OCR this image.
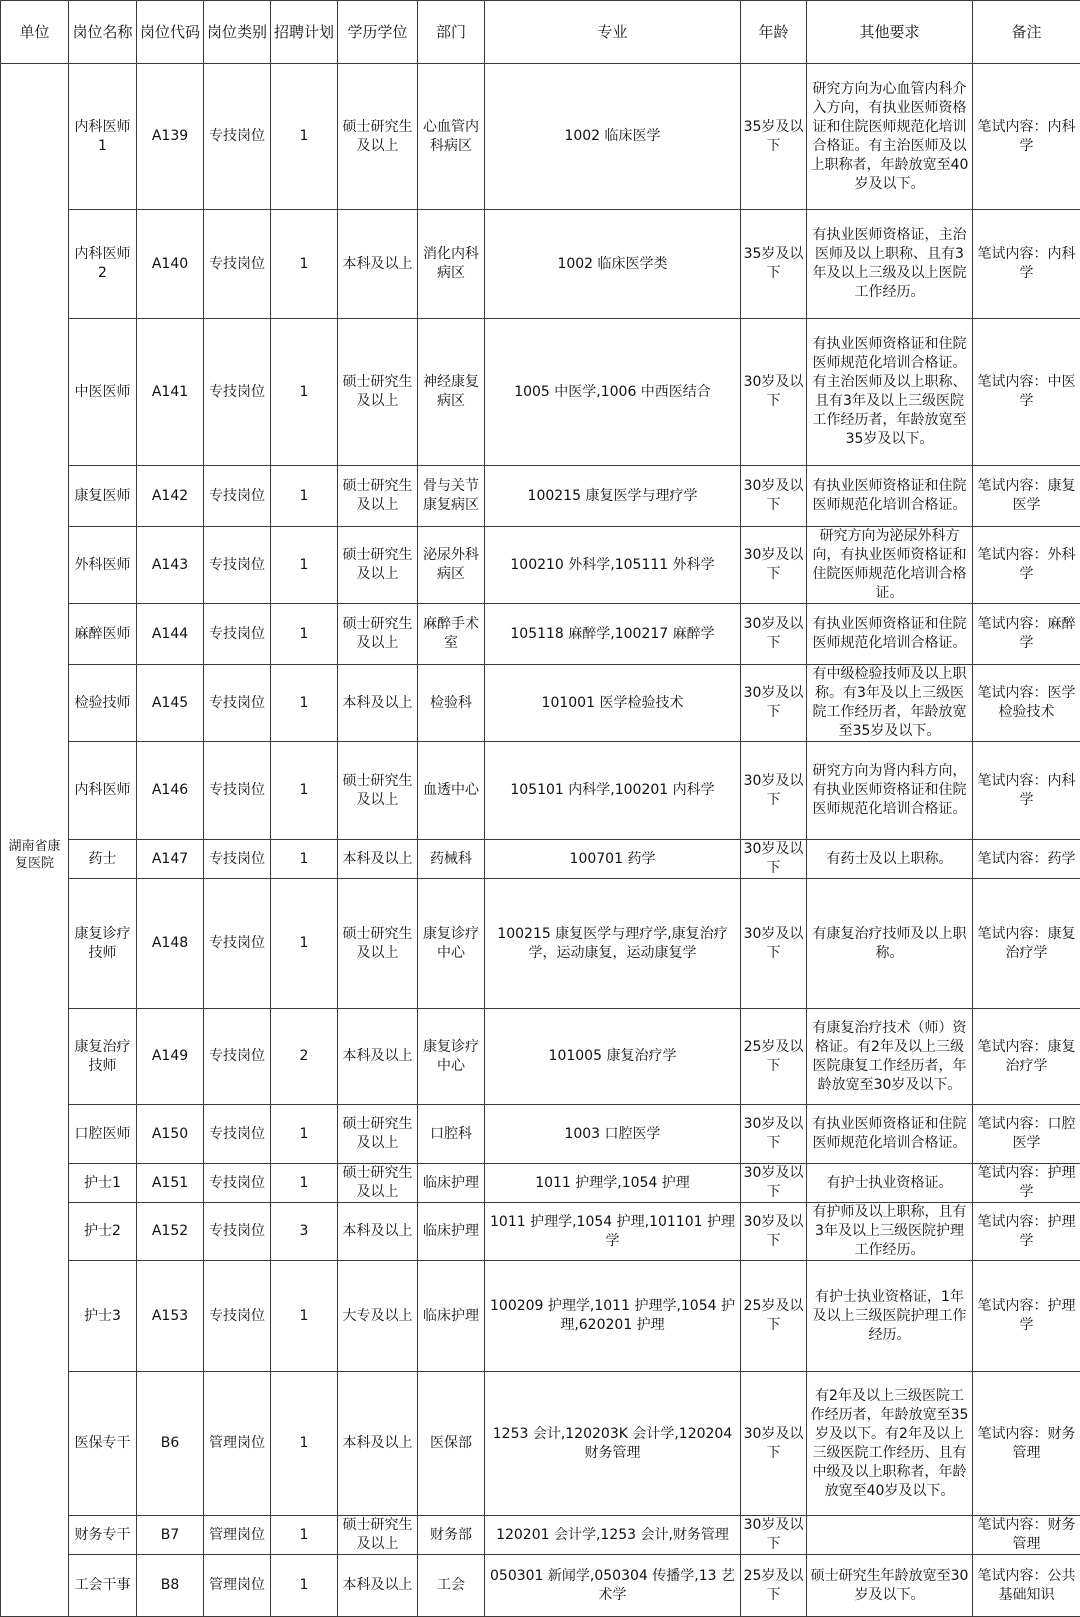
单位	岗位名称	岗位代码	岗位类别	招聘计划	学历学位	部门	专业	年龄	其他要求	备注
湖南省康复医院	内科医师1	A139	专技岗位	1	硕士研究生及以上	心血管内科病区	1002 临床医学	35岁及以下	研究方向为心血管内科介入方向，有执业医师资格证和住院医师规范化培训合格证。有主治医师及以上职称者，年龄放宽至40岁及以下。	笔试内容：内科学
	内科医师2	A140	专技岗位	1	本科及以上	消化内科病区	1002 临床医学类	35岁及以下	有执业医师资格证，主治医师及以上职称、且有3年及以上三级及以上医院工作经历。	笔试内容：内科学
	中医医师	A141	专技岗位	1	硕士研究生及以上	神经康复病区	1005 中医学,1006 中西医结合	30岁及以下	有执业医师资格证和住院医师规范化培训合格证。有主治医师及以上职称、且有3年及以上三级医院工作经历者，年龄放宽至35岁及以下。	笔试内容：中医学
	康复医师	A142	专技岗位	1	硕士研究生及以上	骨与关节康复病区	100215 康复医学与理疗学	30岁及以下	有执业医师资格证和住院医师规范化培训合格证。	笔试内容：康复医学
	外科医师	A143	专技岗位	1	硕士研究生及以上	泌尿外科病区	100210 外科学,105111 外科学	30岁及以下	研究方向为泌尿外科方向，有执业医师资格证和住院医师规范化培训合格证。	笔试内容：外科学
	麻醉医师	A144	专技岗位	1	硕士研究生及以上	麻醉手术室	105118 麻醉学,100217 麻醉学	30岁及以下	有执业医师资格证和住院医师规范化培训合格证。	笔试内容：麻醉学
	检验技师	A145	专技岗位	1	本科及以上	检验科	101001 医学检验技术	30岁及以下	有中级检验技师及以上职称。有3年及以上三级医院工作经历者，年龄放宽至35岁及以下。	笔试内容：医学检验技术
	内科医师	A146	专技岗位	1	硕士研究生及以上	血透中心	105101 内科学,100201 内科学	30岁及以下	研究方向为肾内科方向，有执业医师资格证和住院医师规范化培训合格证。	笔试内容：内科学
	药士	A147	专技岗位	1	本科及以上	药械科	100701 药学	30岁及以下	有药士及以上职称。	笔试内容：药学
	康复诊疗技师	A148	专技岗位	1	硕士研究生及以上	康复诊疗中心	100215 康复医学与理疗学,康复治疗学，运动康复，运动康复学	30岁及以下	有康复治疗技师及以上职称。	笔试内容：康复治疗学
	康复治疗技师	A149	专技岗位	2	本科及以上	康复诊疗中心	101005 康复治疗学	25岁及以下	有康复治疗技术（师）资格证。有2年及以上三级医院康复工作经历者，年龄放宽至30岁及以下。	笔试内容：康复治疗学
	口腔医师	A150	专技岗位	1	硕士研究生及以上	口腔科	1003 口腔医学	30岁及以下	有执业医师资格证和住院医师规范化培训合格证。	笔试内容：口腔医学
	护士1	A151	专技岗位	1	硕士研究生及以上	临床护理	1011 护理学,1054 护理	30岁及以下	有护士执业资格证。	笔试内容：护理学
	护士2	A152	专技岗位	3	本科及以上	临床护理	1011 护理学,1054 护理,101101 护理学	30岁及以下	有护师及以上职称，且有3年及以上三级医院护理工作经历。	笔试内容：护理学
	护士3	A153	专技岗位	1	大专及以上	临床护理	100209 护理学,1011 护理学,1054 护理,620201 护理	25岁及以下	有护士执业资格证，1年及以上三级医院护理工作经历。	笔试内容：护理学
	医保专干	B6	管理岗位	1	本科及以上	医保部	1253 会计,120203K 会计学,120204 财务管理	30岁及以下	有2年及以上三级医院工作经历者，年龄放宽至35岁及以下。有2年及以上三级医院工作经历、且有中级及以上职称者，年龄放宽至40岁及以下。	笔试内容：财务管理
	财务专干	B7	管理岗位	1	硕士研究生及以上	财务部	120201 会计学,1253 会计,财务管理	30岁及以下		笔试内容：财务管理
	工会干事	B8	管理岗位	1	本科及以上	工会	050301 新闻学,050304 传播学,13 艺术学	25岁及以下	硕士研究生年龄放宽至30岁及以下。	笔试内容：公共基础知识
